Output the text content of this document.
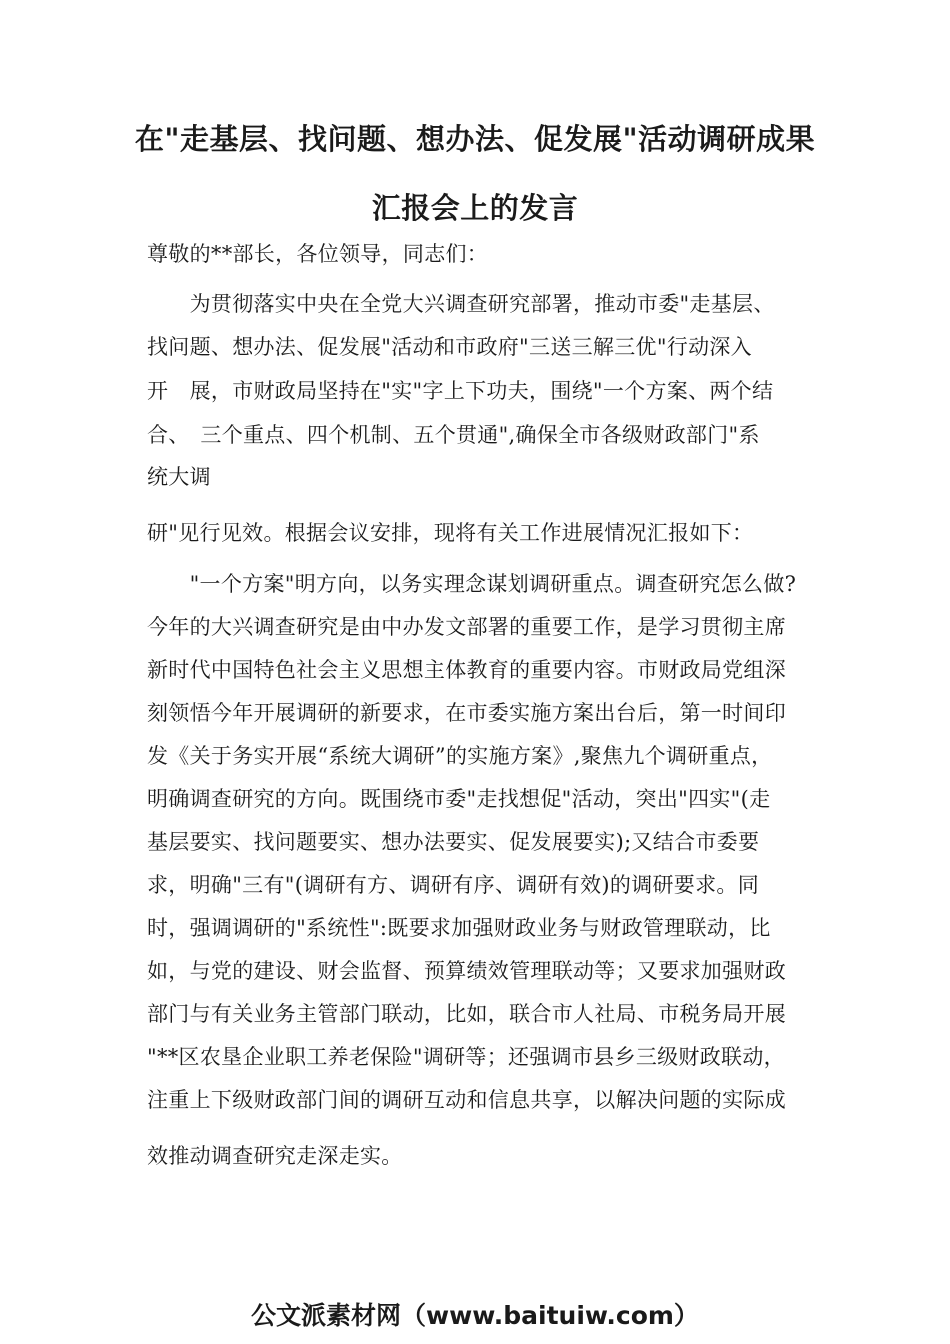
在"走基层、找问题、想办法、促发展"活动调研成果
汇报会上的发言
尊敬的**部长，各位领导，同志们：
　　为贯彻落实中央在全党大兴调查研究部署，推动市委"走基层、
找问题、想办法、促发展"活动和市政府"三送三解三优"行动深入
开　展，市财政局坚持在"实"字上下功夫，围绕"一个方案、两个结
合、　三个重点、四个机制、五个贯通",确保全市各级财政部门"系
统大调
研"见行见效。根据会议安排，现将有关工作进展情况汇报如下：
　　"一个方案"明方向，以务实理念谋划调研重点。调查研究怎么做?
今年的大兴调查研究是由中办发文部署的重要工作，是学习贯彻主席
新时代中国特色社会主义思想主体教育的重要内容。市财政局党组深
刻领悟今年开展调研的新要求，在市委实施方案出台后，第一时间印
发《关于务实开展“系统大调研”的实施方案》,聚焦九个调研重点，
明确调查研究的方向。既围绕市委"走找想促"活动，突出"四实"(走
基层要实、找问题要实、想办法要实、促发展要实);又结合市委要
求，明确"三有"(调研有方、调研有序、调研有效)的调研要求。同
时，强调调研的"系统性":既要求加强财政业务与财政管理联动，比
如，与党的建设、财会监督、预算绩效管理联动等；又要求加强财政
部门与有关业务主管部门联动，比如，联合市人社局、市税务局开展
"**区农垦企业职工养老保险"调研等；还强调市县乡三级财政联动，
注重上下级财政部门间的调研互动和信息共享，以解决问题的实际成
效推动调查研究走深走实。
公文派素材网（www.baituiw.com）
